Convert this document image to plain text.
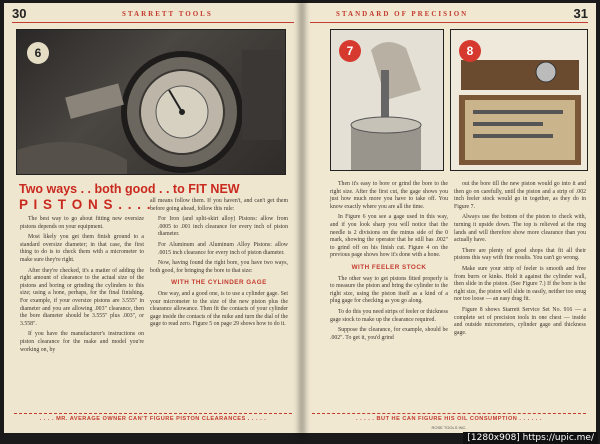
30	STARRETT TOOLS
6
Two ways . . both good . . to FIT NEW
P I S T O N S . . . .

The best way to go about fitting new oversize pistons depends on your equipment.

Most likely you get them finish ground to a standard oversize diameter; in that case, the first thing to do is to check them with a micrometer to make sure they're right.

After they're checked, it's a matter of adding the right amount of clearance to the actual size of the pistons and boring or grinding the cylinders to this size; using a hone, perhaps, for the final finishing. For example, if your oversize pistons are 3.555" in diameter and you are allowing .003" clearance, then the bore diameter should be 3.555" plus .003", or 3.558".

If you have the manufacturer's instructions on piston clearance for the make and model you're working on, by

all means follow them. If you haven't, and can't get them before going ahead, follow this rule:

For Iron (and split-skirt alloy) Pistons: allow from .0005 to .001 inch clearance for every inch of piston diameter.

For Aluminum and Aluminum Alloy Pistons: allow .0015 inch clearance for every inch of piston diameter.

Now, having found the right bore, you have two ways, both good, for bringing the bore to that size:

WITH THE CYLINDER GAGE

One way, and a good one, is to use a cylinder gage. Set your micrometer to the size of the new piston plus the clearance allowance. Then fit the contacts of your cylinder gage inside the contacts of the mike and turn the dial of the gage to read zero. Figure 5 on page 29 shows how to do it.

. . . . MR. AVERAGE OWNER CAN'T FIGURE PISTON CLEARANCES . . . . .
STANDARD OF PRECISION	31
7	8

Then it's easy to bore or grind the bore to the right size. After the first cut, the gage shows you just how much more you have to take off. You know exactly where you are all the time.

In Figure 6 you see a gage used in this way, and if you look sharp you will notice that the needle is 2 divisions on the minus side of the 0 mark, showing the operator that he still has .002" to grind off on his finish cut. Figure 4 on the previous page shows how it's done with a hone.

WITH FEELER STOCK

The other way to get pistons fitted properly is to measure the piston and bring the cylinder to the right size, using the piston itself as a kind of a plug gage for checking as you go along.

To do this you need strips of feeler or thickness gage stock to make up the clearance required.

Suppose the clearance, for example, should be .002". To get it, you'd grind

out the bore till the new piston would go into it and then go on carefully, until the piston and a strip of .002 inch feeler stock would go in together, as they do in Figure 7.

Always use the bottom of the piston to check with, turning it upside down. The top is relieved at the ring lands and will therefore show more clearance than you actually have.

There are plenty of good shops that fit all their pistons this way with fine results. You can't go wrong.

Make sure your strip of feeler is smooth and free from burrs or kinks. Hold it against the cylinder wall, then slide in the piston. (See Figure 7.) If the bore is the right size, the piston will slide in easily, neither too snug nor too loose — an easy drag fit.

Figure 8 shows Starrett Service Set No. 916 — a complete set of precision tools in one chest — inside and outside micrometers, cylinder gage and thickness gage.

. . . . . BUT HE CAN FIGURE HIS OIL CONSUMPTION . . . . . .
ROSE TOOLS INC.
[1280x908] https://upic.me/
